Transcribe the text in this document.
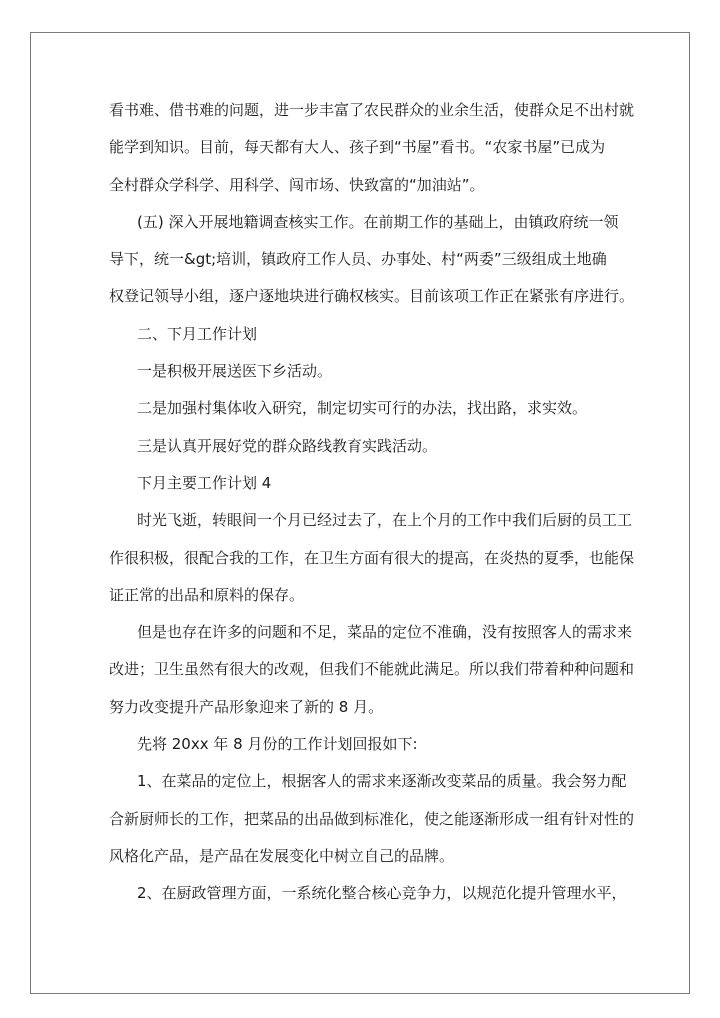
看书难、借书难的问题，进一步丰富了农民群众的业余生活，使群众足不出村就
能学到知识。目前，每天都有大人、孩子到“书屋”看书。“农家书屋”已成为
全村群众学科学、用科学、闯市场、快致富的“加油站”。
(五) 深入开展地籍调查核实工作。在前期工作的基础上，由镇政府统一领
导下，统一&gt;培训，镇政府工作人员、办事处、村“两委”三级组成土地确
权登记领导小组，逐户逐地块进行确权核实。目前该项工作正在紧张有序进行。
二、下月工作计划
一是积极开展送医下乡活动。
二是加强村集体收入研究，制定切实可行的办法，找出路，求实效。
三是认真开展好党的群众路线教育实践活动。
下月主要工作计划 4
时光飞逝，转眼间一个月已经过去了，在上个月的工作中我们后厨的员工工
作很积极，很配合我的工作，在卫生方面有很大的提高，在炎热的夏季，也能保
证正常的出品和原料的保存。
但是也存在许多的问题和不足，菜品的定位不准确，没有按照客人的需求来
改进；卫生虽然有很大的改观，但我们不能就此满足。所以我们带着种种问题和
努力改变提升产品形象迎来了新的 8 月。
先将 20xx 年 8 月份的工作计划回报如下:
1、在菜品的定位上，根据客人的需求来逐渐改变菜品的质量。我会努力配
合新厨师长的工作，把菜品的出品做到标准化，使之能逐渐形成一组有针对性的
风格化产品，是产品在发展变化中树立自己的品牌。
2、在厨政管理方面，一系统化整合核心竞争力，以规范化提升管理水平，
